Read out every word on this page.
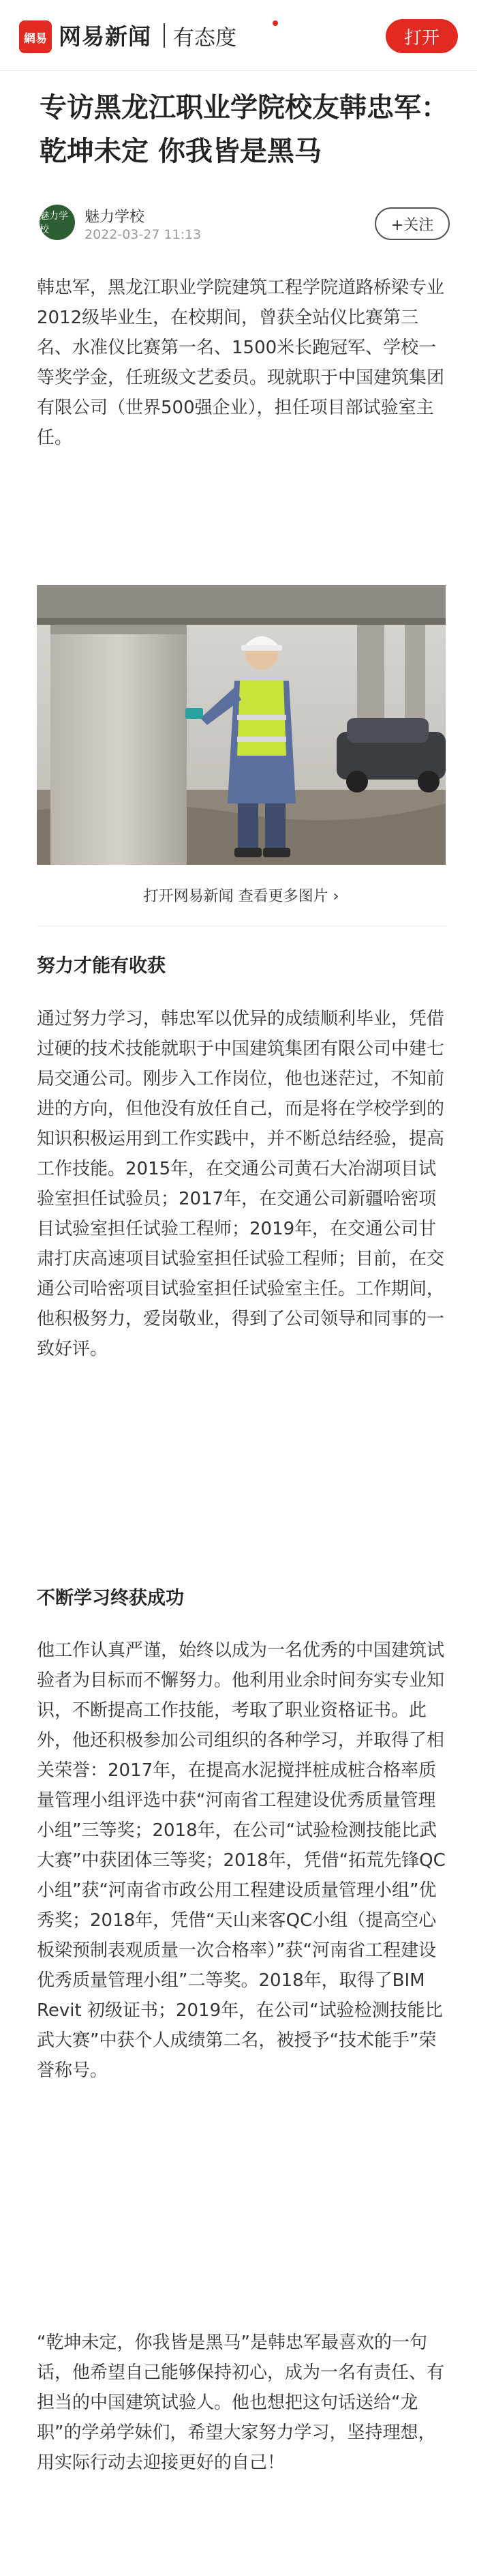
網易 网易新闻 有态度	打开
专访黑龙江职业学院校友韩忠军：乾坤未定 你我皆是黑马
魅力学校
魅力学校
2022-03-27 11:13
+关注

韩忠军，黑龙江职业学院建筑工程学院道路桥梁专业2012级毕业生，在校期间，曾获全站仪比赛第三名、水准仪比赛第一名、1500米长跑冠军、学校一等奖学金，任班级文艺委员。现就职于中国建筑集团有限公司（世界500强企业），担任项目部试验室主任。

打开网易新闻 查看更多图片 ›
努力才能有收获

通过努力学习，韩忠军以优异的成绩顺利毕业，凭借过硬的技术技能就职于中国建筑集团有限公司中建七局交通公司。刚步入工作岗位，他也迷茫过，不知前进的方向，但他没有放任自己，而是将在学校学到的知识积极运用到工作实践中，并不断总结经验，提高工作技能。2015年，在交通公司黄石大冶湖项目试验室担任试验员；2017年，在交通公司新疆哈密项目试验室担任试验工程师；2019年，在交通公司甘肃打庆高速项目试验室担任试验工程师；目前，在交通公司哈密项目试验室担任试验室主任。工作期间，他积极努力，爱岗敬业，得到了公司领导和同事的一致好评。

不断学习终获成功

他工作认真严谨，始终以成为一名优秀的中国建筑试验者为目标而不懈努力。他利用业余时间夯实专业知识，不断提高工作技能，考取了职业资格证书。此外，他还积极参加公司组织的各种学习，并取得了相关荣誉：2017年，在提高水泥搅拌桩成桩合格率质量管理小组评选中获“河南省工程建设优秀质量管理小组”三等奖；2018年，在公司“试验检测技能比武大赛”中获团体三等奖；2018年，凭借“拓荒先锋QC小组”获“河南省市政公用工程建设质量管理小组”优秀奖；2018年，凭借“天山来客QC小组（提高空心板梁预制表观质量一次合格率）”获“河南省工程建设优秀质量管理小组”二等奖。2018年，取得了BIM Revit 初级证书；2019年，在公司“试验检测技能比武大赛”中获个人成绩第二名，被授予“技术能手”荣誉称号。

“乾坤未定，你我皆是黑马”是韩忠军最喜欢的一句话，他希望自己能够保持初心，成为一名有责任、有担当的中国建筑试验人。他也想把这句话送给“龙职”的学弟学妹们，希望大家努力学习，坚持理想，用实际行动去迎接更好的自己！
